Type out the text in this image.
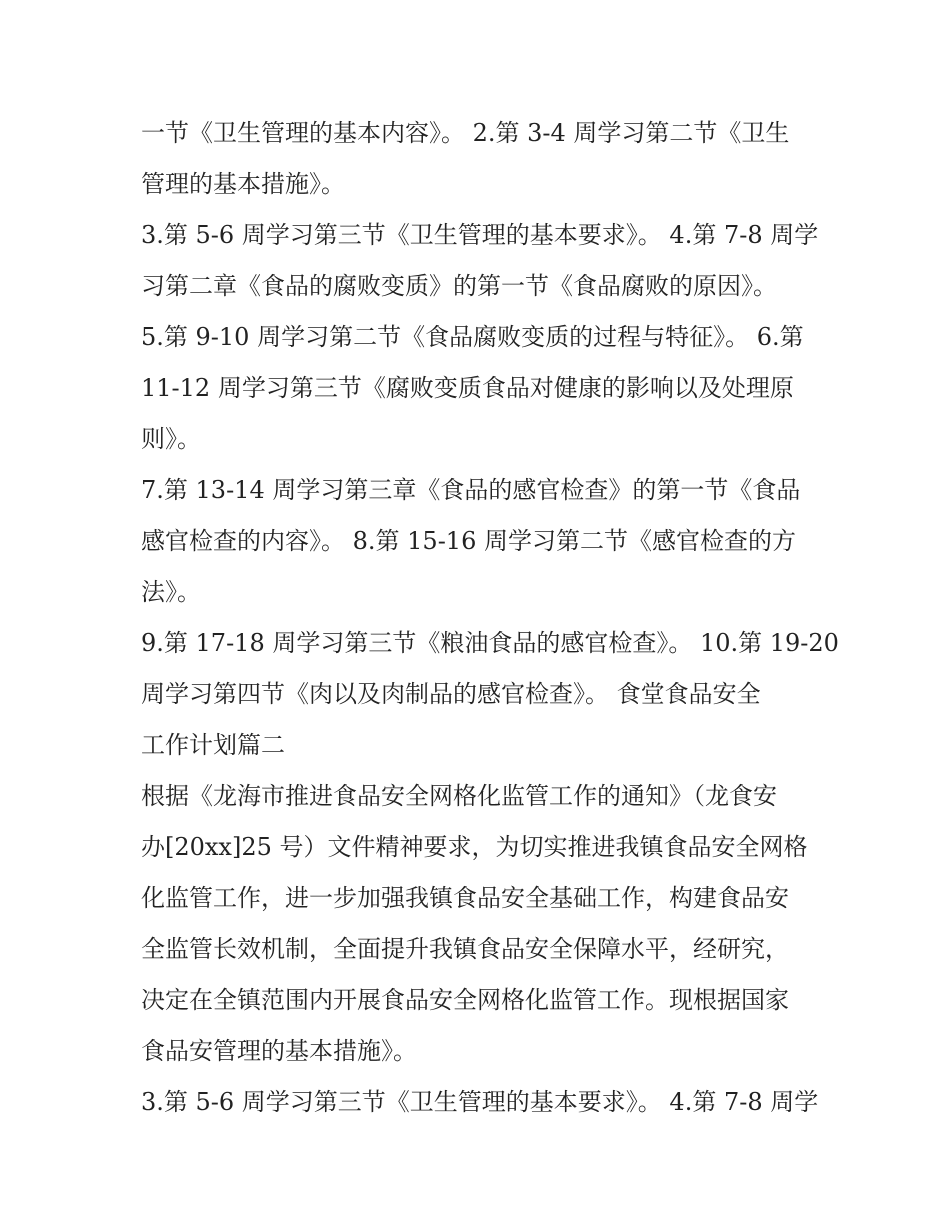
一节《卫生管理的基本内容》。 2.第 3-4 周学习第二节《卫生
管理的基本措施》。
3.第 5-6 周学习第三节《卫生管理的基本要求》。 4.第 7-8 周学
习第二章《食品的腐败变质》的第一节《食品腐败的原因》。
5.第 9-10 周学习第二节《食品腐败变质的过程与特征》。 6.第
11-12 周学习第三节《腐败变质食品对健康的影响以及处理原
则》。
7.第 13-14 周学习第三章《食品的感官检查》的第一节《食品
感官检查的内容》。 8.第 15-16 周学习第二节《感官检查的方
法》。
9.第 17-18 周学习第三节《粮油食品的感官检查》。 10.第 19-20
周学习第四节《肉以及肉制品的感官检查》。 食堂食品安全
工作计划篇二
根据《龙海市推进食品安全网格化监管工作的通知》（龙食安
办[20xx]25 号）文件精神要求，为切实推进我镇食品安全网格
化监管工作，进一步加强我镇食品安全基础工作，构建食品安
全监管长效机制，全面提升我镇食品安全保障水平，经研究，
决定在全镇范围内开展食品安全网格化监管工作。现根据国家
食品安管理的基本措施》。
3.第 5-6 周学习第三节《卫生管理的基本要求》。 4.第 7-8 周学
